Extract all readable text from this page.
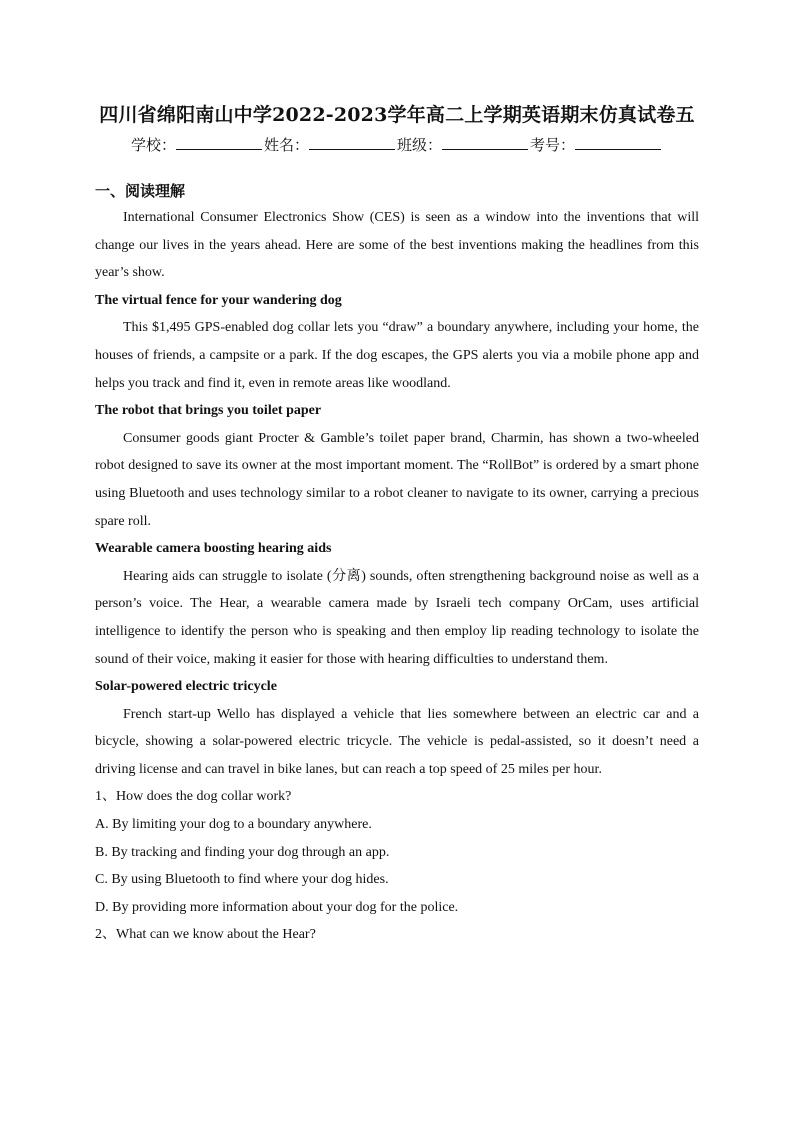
四川省绵阳南山中学2022-2023学年高二上学期英语期末仿真试卷五
学校：	姓名：	班级：	考号：
一、阅读理解

International Consumer Electronics Show (CES) is seen as a window into the inventions that will change our lives in the years ahead. Here are some of the best inventions making the headlines from this year’s show.

The virtual fence for your wandering dog

This $1,495 GPS-enabled dog collar lets you “draw” a boundary anywhere, including your home, the houses of friends, a campsite or a park. If the dog escapes, the GPS alerts you via a mobile phone app and helps you track and find it, even in remote areas like woodland.

The robot that brings you toilet paper

Consumer goods giant Procter & Gamble’s toilet paper brand, Charmin, has shown a two-wheeled robot designed to save its owner at the most important moment. The “RollBot” is ordered by a smart phone using Bluetooth and uses technology similar to a robot cleaner to navigate to its owner, carrying a precious spare roll.

Wearable camera boosting hearing aids

Hearing aids can struggle to isolate (分离) sounds, often strengthening background noise as well as a person’s voice. The Hear, a wearable camera made by Israeli tech company OrCam, uses artificial intelligence to identify the person who is speaking and then employ lip reading technology to isolate the sound of their voice, making it easier for those with hearing difficulties to understand them.

Solar-powered electric tricycle

French start-up Wello has displayed a vehicle that lies somewhere between an electric car and a bicycle, showing a solar-powered electric tricycle. The vehicle is pedal-assisted, so it doesn’t need a driving license and can travel in bike lanes, but can reach a top speed of 25 miles per hour.

1、How does the dog collar work?
A. By limiting your dog to a boundary anywhere.
B. By tracking and finding your dog through an app.
C. By using Bluetooth to find where your dog hides.
D. By providing more information about your dog for the police.
2、What can we know about the Hear?
